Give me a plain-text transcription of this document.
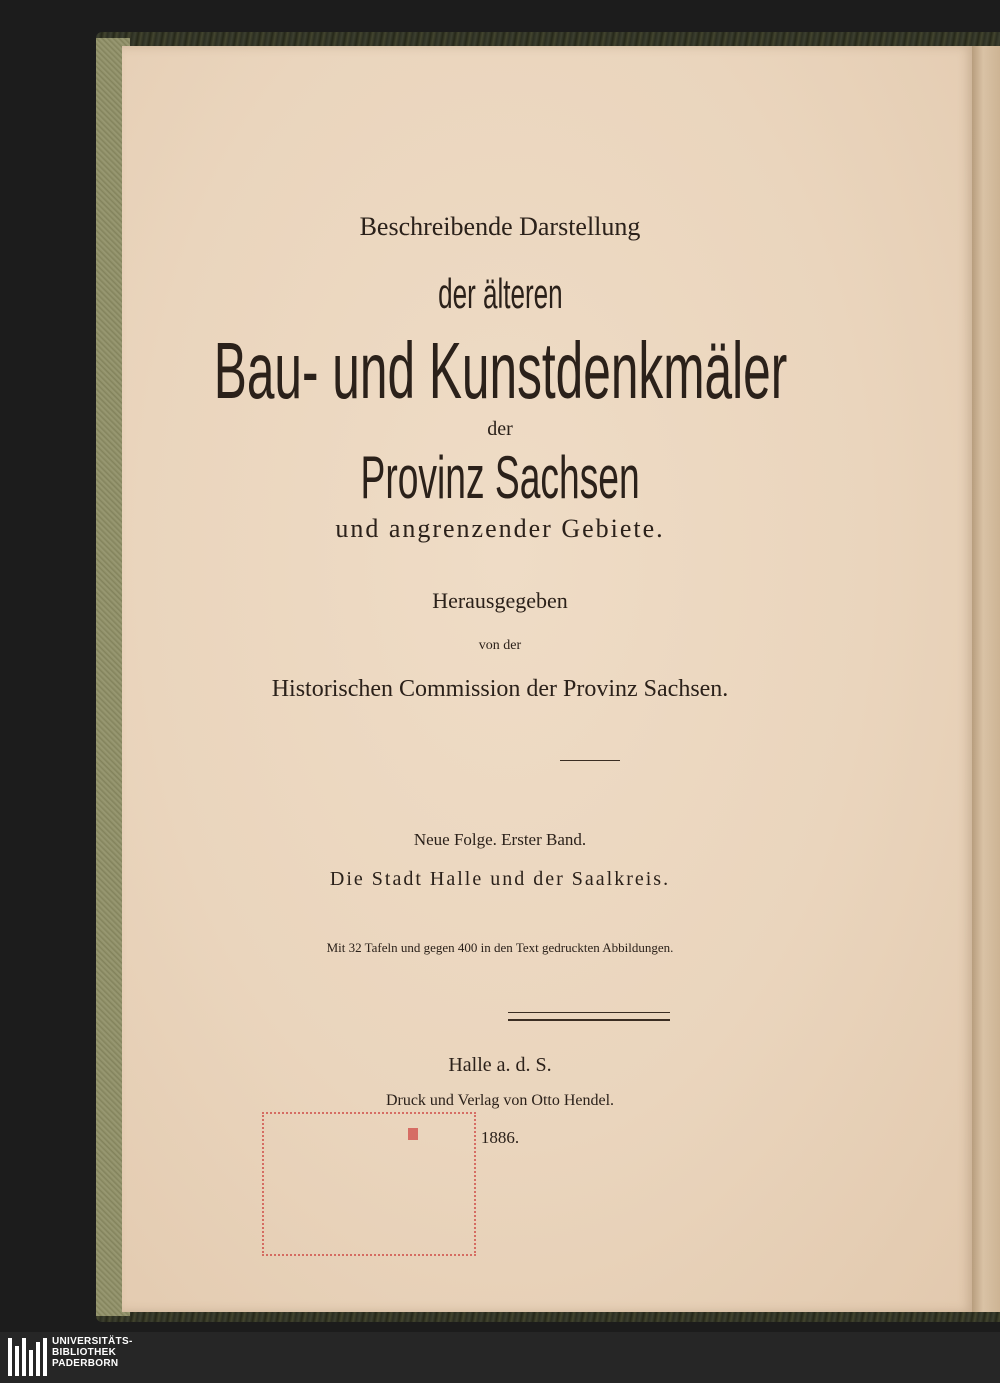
Beschreibende Darstellung
der älteren
Bau- und Kunstdenkmäler
der
Provinz Sachsen
und angrenzender Gebiete.
Herausgegeben
von der
Historischen Commission der Provinz Sachsen.
Neue Folge. Erster Band.
Die Stadt Halle und der Saalkreis.
Mit 32 Tafeln und gegen 400 in den Text gedruckten Abbildungen.
Halle a. d. S.
Druck und Verlag von Otto Hendel.
1886.
UNIVERSITÄTS-
BIBLIOTHEK
PADERBORN
